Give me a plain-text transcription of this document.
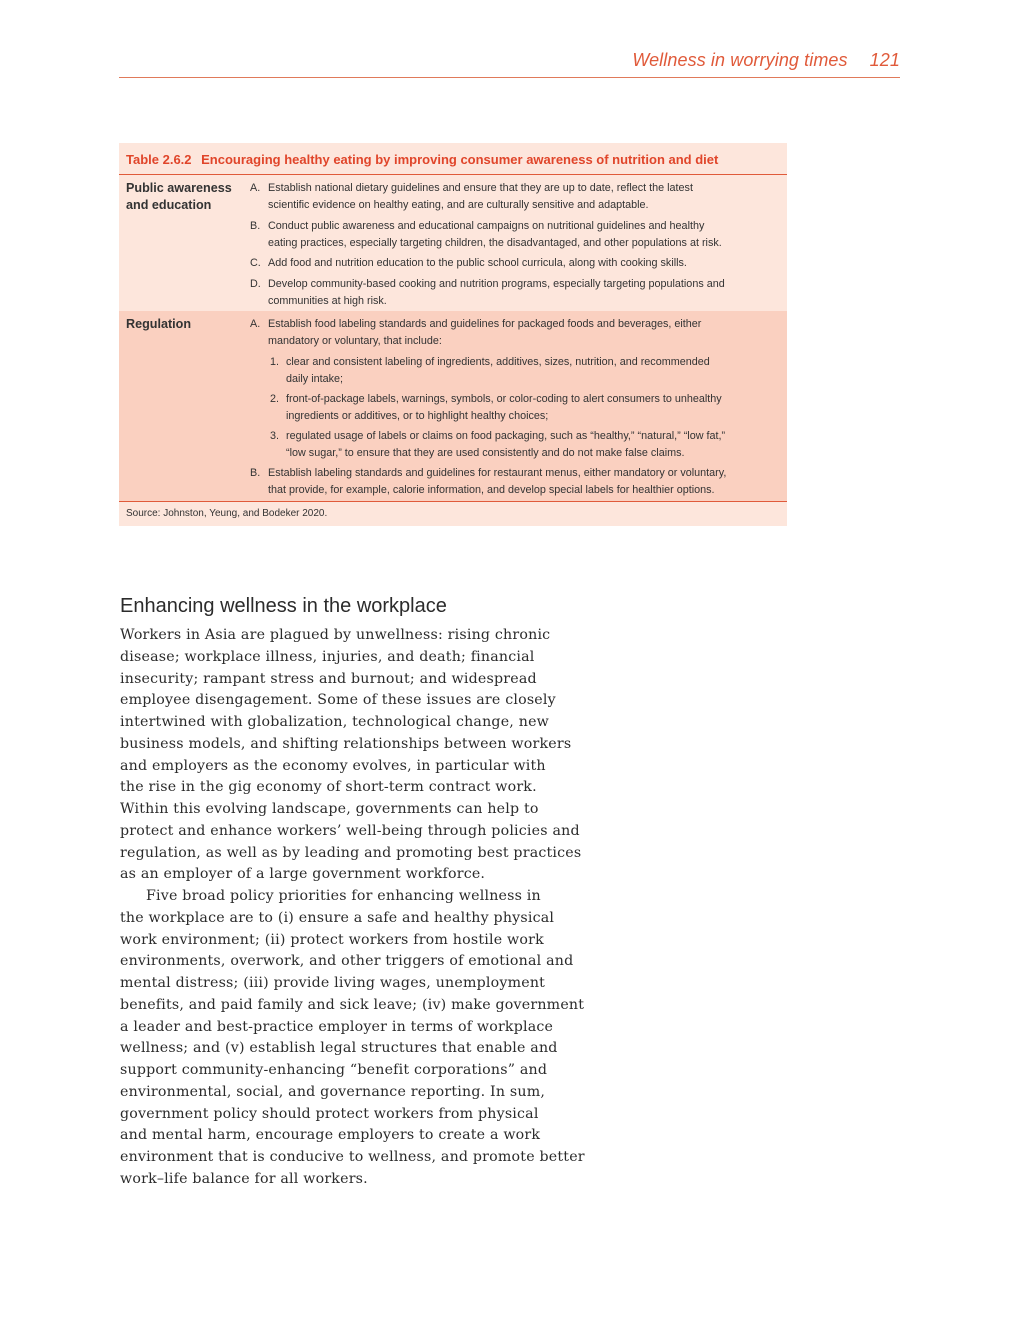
Wellness in worrying times 121
Table 2.6.2 Encouraging healthy eating by improving consumer awareness of nutrition and diet
Public awareness
and education
A. Establish national dietary guidelines and ensure that they are up to date, reflect the latest
scientific evidence on healthy eating, and are culturally sensitive and adaptable.
B. Conduct public awareness and educational campaigns on nutritional guidelines and healthy
eating practices, especially targeting children, the disadvantaged, and other populations at risk.
C. Add food and nutrition education to the public school curricula, along with cooking skills.
D. Develop community-based cooking and nutrition programs, especially targeting populations and
communities at high risk.
Regulation	A. Establish food labeling standards and guidelines for packaged foods and beverages, either
mandatory or voluntary, that include:
1. clear and consistent labeling of ingredients, additives, sizes, nutrition, and recommended
daily intake;
2. front-of-package labels, warnings, symbols, or color-coding to alert consumers to unhealthy
ingredients or additives, or to highlight healthy choices;
3. regulated usage of labels or claims on food packaging, such as “healthy,” “natural,” “low fat,”
“low sugar,” to ensure that they are used consistently and do not make false claims.
B. Establish labeling standards and guidelines for restaurant menus, either mandatory or voluntary,
that provide, for example, calorie information, and develop special labels for healthier options.
Source: Johnston, Yeung, and Bodeker 2020.
Enhancing wellness in the workplace
Workers in Asia are plagued by unwellness: rising chronic
disease; workplace illness, injuries, and death; financial
insecurity; rampant stress and burnout; and widespread
employee disengagement. Some of these issues are closely
intertwined with globalization, technological change, new
business models, and shifting relationships between workers
and employers as the economy evolves, in particular with
the rise in the gig economy of short-term contract work.
Within this evolving landscape, governments can help to
protect and enhance workers’ well-being through policies and
regulation, as well as by leading and promoting best practices
as an employer of a large government workforce.
Five broad policy priorities for enhancing wellness in
the workplace are to (i) ensure a safe and healthy physical
work environment; (ii) protect workers from hostile work
environments, overwork, and other triggers of emotional and
mental distress; (iii) provide living wages, unemployment
benefits, and paid family and sick leave; (iv) make government
a leader and best-practice employer in terms of workplace
wellness; and (v) establish legal structures that enable and
support community-enhancing “benefit corporations” and
environmental, social, and governance reporting. In sum,
government policy should protect workers from physical
and mental harm, encourage employers to create a work
environment that is conducive to wellness, and promote better
work–life balance for all workers.
